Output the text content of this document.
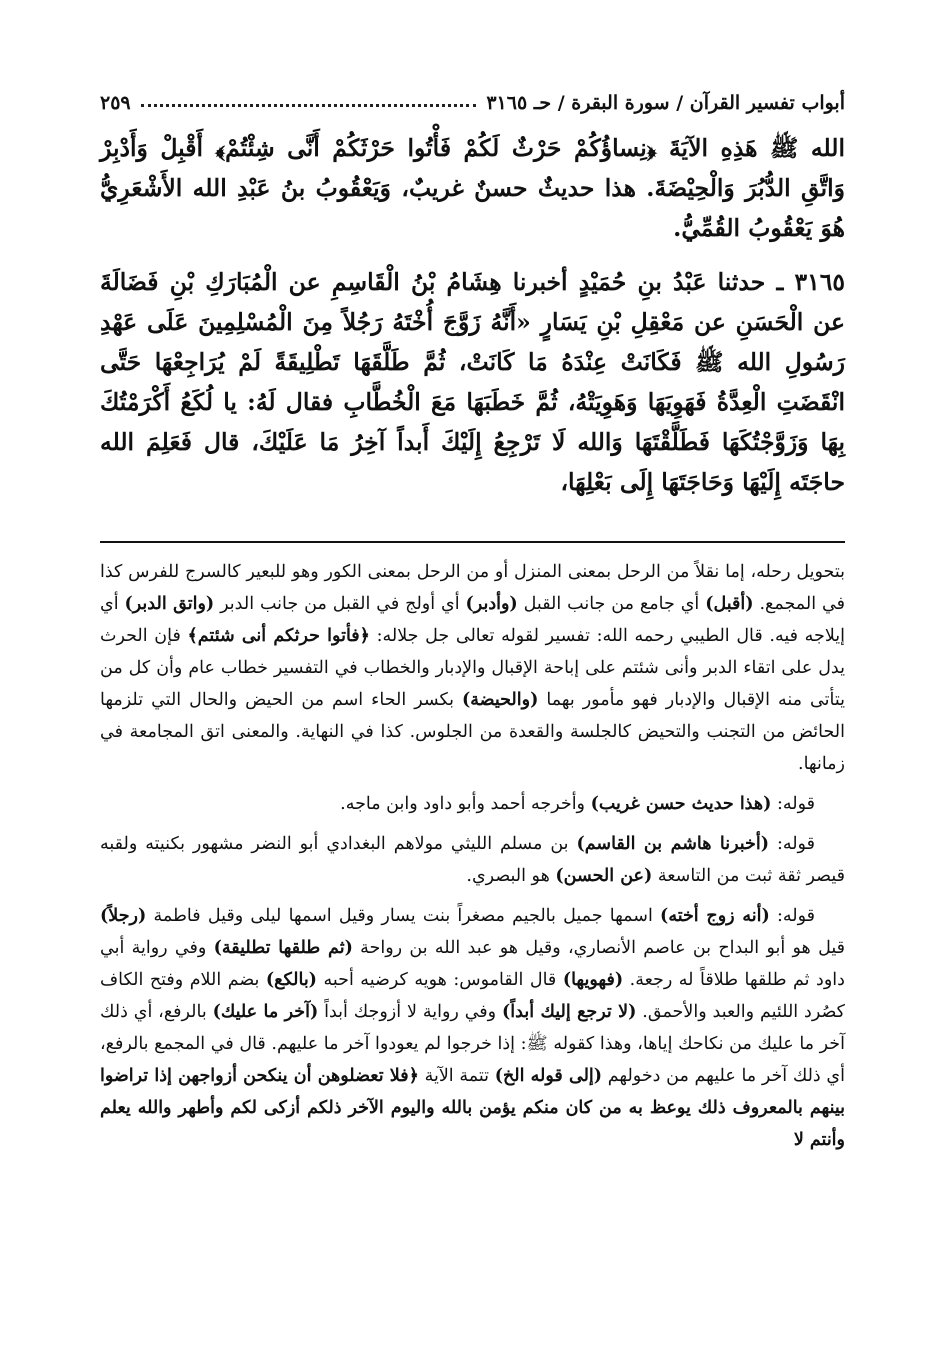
أبواب تفسير القرآن / سورة البقرة / حـ ٣١٦٥
٢٥٩

الله ﷺ هَذِهِ الآيَةَ ﴿نِساؤُكُمْ حَرْثٌ لَكُمْ فَأْتُوا حَرْثَكُمْ أَنَّى شِئْتُمْ﴾ أَقْبِلْ وَأَدْبِرْ وَاتَّقِ الدُّبُرَ وَالْحِيْضَةَ. هذا حديثٌ حسنٌ غريبٌ، وَيَعْقُوبُ بنُ عَبْدِ الله الأَشْعَرِيُّ هُوَ يَعْقُوبُ القُمِّيُّ.

٣١٦٥ ـ حدثنا عَبْدُ بنِ حُمَيْدٍ أخبرنا هِشَامُ بْنُ الْقَاسِمِ عن الْمُبَارَكِ بْنِ فَضَالَةَ عن الْحَسَنِ عن مَعْقِلِ بْنِ يَسَارٍ «أَنَّهُ زَوَّجَ أُخْتَهُ رَجُلاً مِنَ الْمُسْلِمِينَ عَلَى عَهْدِ رَسُولِ الله ﷺ فَكَانَتْ عِنْدَهُ مَا كَانَتْ، ثُمَّ طَلَّقَهَا تَطْلِيقَةً لَمْ يُرَاجِعْهَا حَتَّى انْقَضَتِ الْعِدَّةُ فَهَوِيَهَا وَهَوِيَتْهُ، ثُمَّ خَطَبَهَا مَعَ الْخُطَّابِ فقال لَهُ: يا لُكَعُ أَكْرَمْتُكَ بِهَا وَزَوَّجْتُكَهَا فَطَلَّقْتَهَا وَالله لَا تَرْجِعُ إِلَيْكَ أَبداً آخِرُ مَا عَلَيْكَ، قال فَعَلِمَ الله حاجَتَه إِلَيْهَا وَحَاجَتَهَا إِلَى بَعْلِهَا،

بتحويل رحله، إما نقلاً من الرحل بمعنى المنزل أو من الرحل بمعنى الكور وهو للبعير كالسرج للفرس كذا في المجمع. (أقبل) أي جامع من جانب القبل (وأدبر) أي أولج في القبل من جانب الدبر (واتق الدبر) أي إيلاجه فيه. قال الطيبي رحمه الله: تفسير لقوله تعالى جل جلاله: ﴿فأتوا حرثكم أنى شئتم﴾ فإن الحرث يدل على اتقاء الدبر وأنى شئتم على إباحة الإقبال والإدبار والخطاب في التفسير خطاب عام وأن كل من يتأتى منه الإقبال والإدبار فهو مأمور بهما (والحيضة) بكسر الحاء اسم من الحيض والحال التي تلزمها الحائض من التجنب والتحيض كالجلسة والقعدة من الجلوس. كذا في النهاية. والمعنى اتق المجامعة في زمانها.

قوله: (هذا حديث حسن غريب) وأخرجه أحمد وأبو داود وابن ماجه.

قوله: (أخبرنا هاشم بن القاسم) بن مسلم الليثي مولاهم البغدادي أبو النضر مشهور بكنيته ولقبه قيصر ثقة ثبت من التاسعة (عن الحسن) هو البصري.

قوله: (أنه زوج أخته) اسمها جميل بالجيم مصغراً بنت يسار وقيل اسمها ليلى وقيل فاطمة (رجلاً) قيل هو أبو البداح بن عاصم الأنصاري، وقيل هو عبد الله بن رواحة (ثم طلقها تطليقة) وفي رواية أبي داود ثم طلقها طلاقاً له رجعة. (فهويها) قال القاموس: هويه كرضيه أحبه (بالكع) بضم اللام وفتح الكاف كصُرد اللئيم والعبد والأحمق. (لا ترجع إليك أبداً) وفي رواية لا أزوجك أبداً (آخر ما عليك) بالرفع، أي ذلك آخر ما عليك من نكاحك إياها، وهذا كقوله ﷺ: إذا خرجوا لم يعودوا آخر ما عليهم. قال في المجمع بالرفع، أي ذلك آخر ما عليهم من دخولهم (إلى قوله الخ) تتمة الآية ﴿فلا تعضلوهن أن ينكحن أزواجهن إذا تراضوا بينهم بالمعروف ذلك يوعظ به من كان منكم يؤمن بالله واليوم الآخر ذلكم أزكى لكم وأطهر والله يعلم وأنتم لا
